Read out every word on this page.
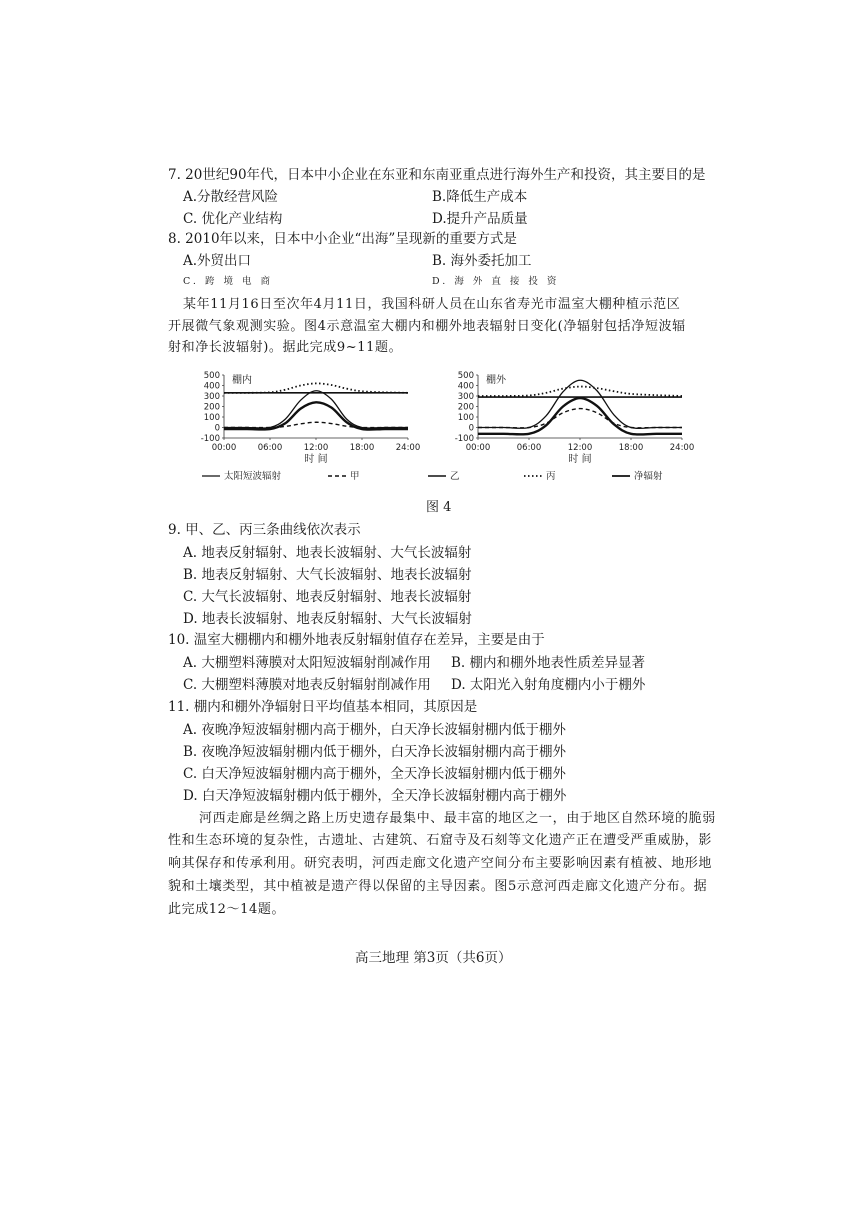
7. 20世纪90年代，日本中小企业在东亚和东南亚重点进行海外生产和投资，其主要目的是
A.分散经营风险	B.降低生产成本
C. 优化产业结构	D.提升产品质量
8. 2010年以来，日本中小企业“出海”呈现新的重要方式是
A.外贸出口	B. 海外委托加工
C. 跨 境 电 商	D. 海 外 直 接 投 资
某年11月16日至次年4月11日，我国科研人员在山东省寿光市温室大棚种植示范区
开展微气象观测实验。图4示意温室大棚内和棚外地表辐射日变化(净辐射包括净短波辐
射和净长波辐射)。据此完成9~11题。
500
400
300
200
100
0
-100
00:00	06:00	12:00	18:00	24:00
棚内
时 间
500
400
300
200
100
0
-100
00:00	06:00	12:00	18:00	24:00
棚外
时 间
太阳短波辐射	甲	乙	丙	净辐射
图 4
9. 甲、乙、丙三条曲线依次表示
A. 地表反射辐射、地表长波辐射、大气长波辐射
B. 地表反射辐射、大气长波辐射、地表长波辐射
C. 大气长波辐射、地表反射辐射、地表长波辐射
D. 地表长波辐射、地表反射辐射、大气长波辐射
10. 温室大棚棚内和棚外地表反射辐射值存在差异，主要是由于
A. 大棚塑料薄膜对太阳短波辐射削减作用 B. 棚内和棚外地表性质差异显著
C. 大棚塑料薄膜对地表反射辐射削减作用 D. 太阳光入射角度棚内小于棚外
11. 棚内和棚外净辐射日平均值基本相同，其原因是
A. 夜晚净短波辐射棚内高于棚外，白天净长波辐射棚内低于棚外
B. 夜晚净短波辐射棚内低于棚外，白天净长波辐射棚内高于棚外
C. 白天净短波辐射棚内高于棚外，全天净长波辐射棚内低于棚外
D. 白天净短波辐射棚内低于棚外，全天净长波辐射棚内高于棚外
河西走廊是丝绸之路上历史遗存最集中、最丰富的地区之一，由于地区自然环境的脆弱
性和生态环境的复杂性，古遗址、古建筑、石窟寺及石刻等文化遗产正在遭受严重威胁，影
响其保存和传承利用。研究表明，河西走廊文化遗产空间分布主要影响因素有植被、地形地
貌和土壤类型，其中植被是遗产得以保留的主导因素。图5示意河西走廊文化遗产分布。据
此完成12～14题。
高三地理 第3页（共6页）
